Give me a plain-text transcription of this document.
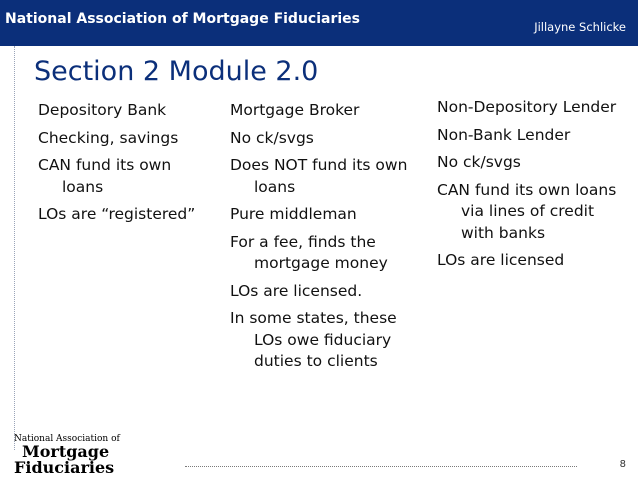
National Association of Mortgage Fiduciaries	Jillayne Schlicke
Section 2 Module 2.0
Depository Bank
Checking, savings
CAN fund its own loans
LOs are “registered”
Mortgage Broker
No ck/svgs
Does NOT fund its own loans
Pure middleman
For a fee, finds the mortgage money
LOs are licensed.
In some states, these LOs owe fiduciary duties to clients
Non-Depository Lender
Non-Bank Lender
No ck/svgs
CAN fund its own loans via lines of credit with banks
LOs are licensed
National Association of
Mortgage
Fiduciaries	8
